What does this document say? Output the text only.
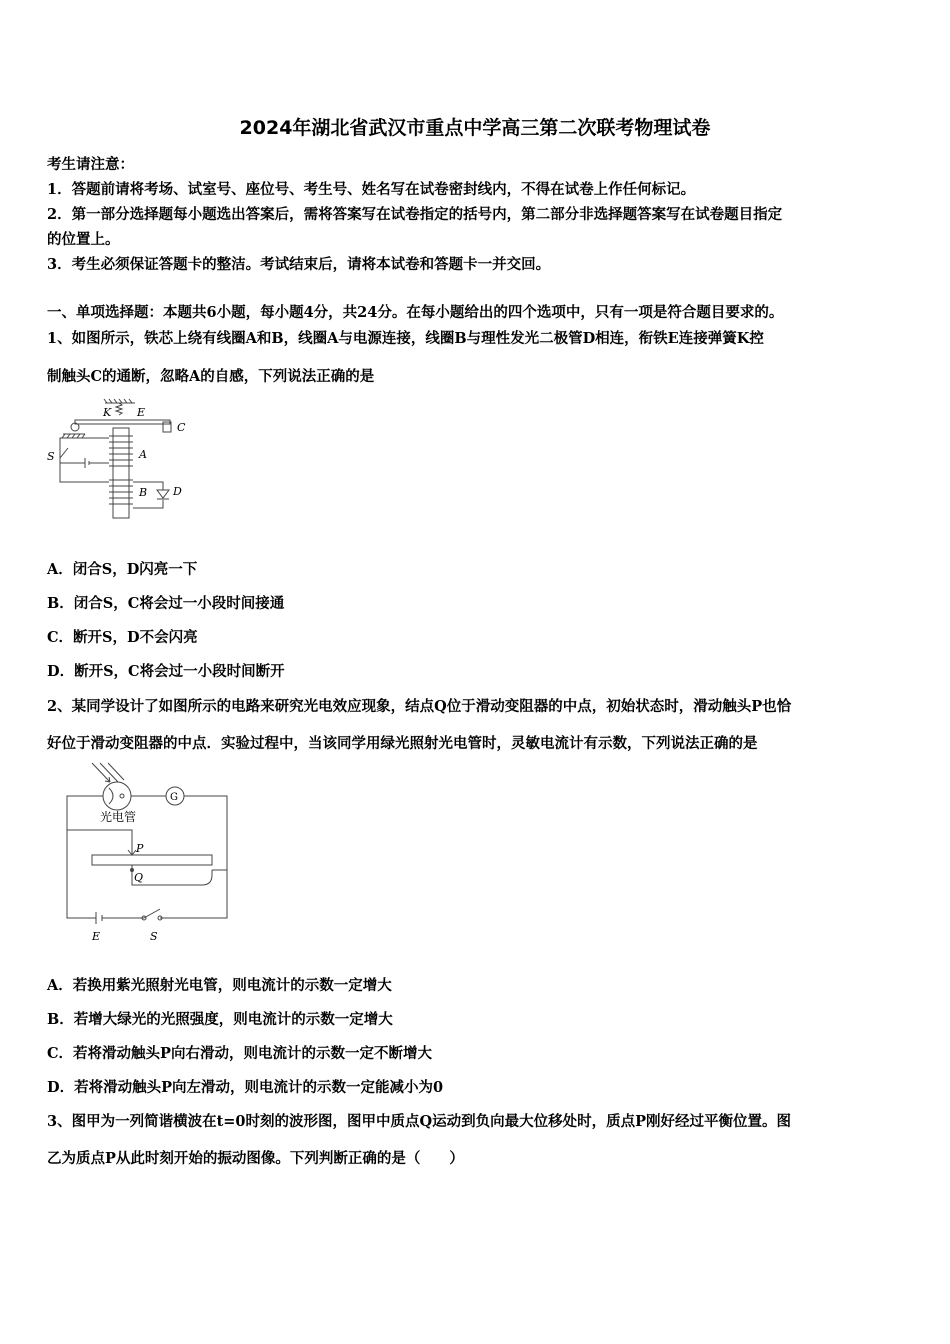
2024年湖北省武汉市重点中学高三第二次联考物理试卷
考生请注意：
1．答题前请将考场、试室号、座位号、考生号、姓名写在试卷密封线内，不得在试卷上作任何标记。
2．第一部分选择题每小题选出答案后，需将答案写在试卷指定的括号内，第二部分非选择题答案写在试卷题目指定
的位置上。
3．考生必须保证答题卡的整洁。考试结束后，请将本试卷和答题卡一并交回。
一、单项选择题：本题共6小题，每小题4分，共24分。在每小题给出的四个选项中，只有一项是符合题目要求的。
1、如图所示，铁芯上绕有线圈A和B，线圈A与电源连接，线圈B与理性发光二极管D相连，衔铁E连接弹簧K控
制触头C的通断，忽略A的自感，下列说法正确的是
K E
C
S	A
B D
A．闭合S，D闪亮一下
B．闭合S，C将会过一小段时间接通
C．断开S，D不会闪亮
D．断开S，C将会过一小段时间断开
2、某同学设计了如图所示的电路来研究光电效应现象，结点Q位于滑动变阻器的中点，初始状态时，滑动触头P也恰
好位于滑动变阻器的中点．实验过程中，当该同学用绿光照射光电管时，灵敏电流计有示数，下列说法正确的是
光电管
G
P
Q
E	S
A．若换用紫光照射光电管，则电流计的示数一定增大
B．若增大绿光的光照强度，则电流计的示数一定增大
C．若将滑动触头P向右滑动，则电流计的示数一定不断增大
D．若将滑动触头P向左滑动，则电流计的示数一定能减小为0
3、图甲为一列简谐横波在t=0时刻的波形图，图甲中质点Q运动到负向最大位移处时，质点P刚好经过平衡位置。图
乙为质点P从此时刻开始的振动图像。下列判断正确的是（　　）
